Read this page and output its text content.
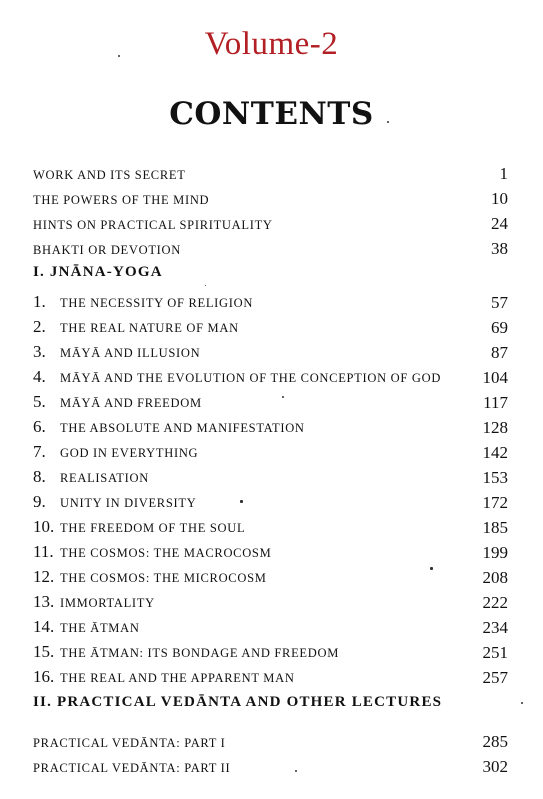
Volume-2
CONTENTS
WORK AND ITS SECRET	1
THE POWERS OF THE MIND	10
HINTS ON PRACTICAL SPIRITUALITY	24
BHAKTI OR DEVOTION	38
I. JNĀNA-YOGA
1. THE NECESSITY OF RELIGION	57
2. THE REAL NATURE OF MAN	69
3. MĀYĀ AND ILLUSION	87
4. MĀYĀ AND THE EVOLUTION OF THE CONCEPTION OF GOD 104
5. MĀYĀ AND FREEDOM	117
6. THE ABSOLUTE AND MANIFESTATION	128
7. GOD IN EVERYTHING	142
8. REALISATION	153
9. UNITY IN DIVERSITY	172
10. THE FREEDOM OF THE SOUL	185
11. THE COSMOS: THE MACROCOSM	199
12. THE COSMOS: THE MICROCOSM	208
13. IMMORTALITY	222
14. THE ĀTMAN	234
15. THE ĀTMAN: ITS BONDAGE AND FREEDOM	251
16. THE REAL AND THE APPARENT MAN	257
II. PRACTICAL VEDĀNTA AND OTHER LECTURES
PRACTICAL VEDĀNTA: PART I	285
PRACTICAL VEDĀNTA: PART II	302
